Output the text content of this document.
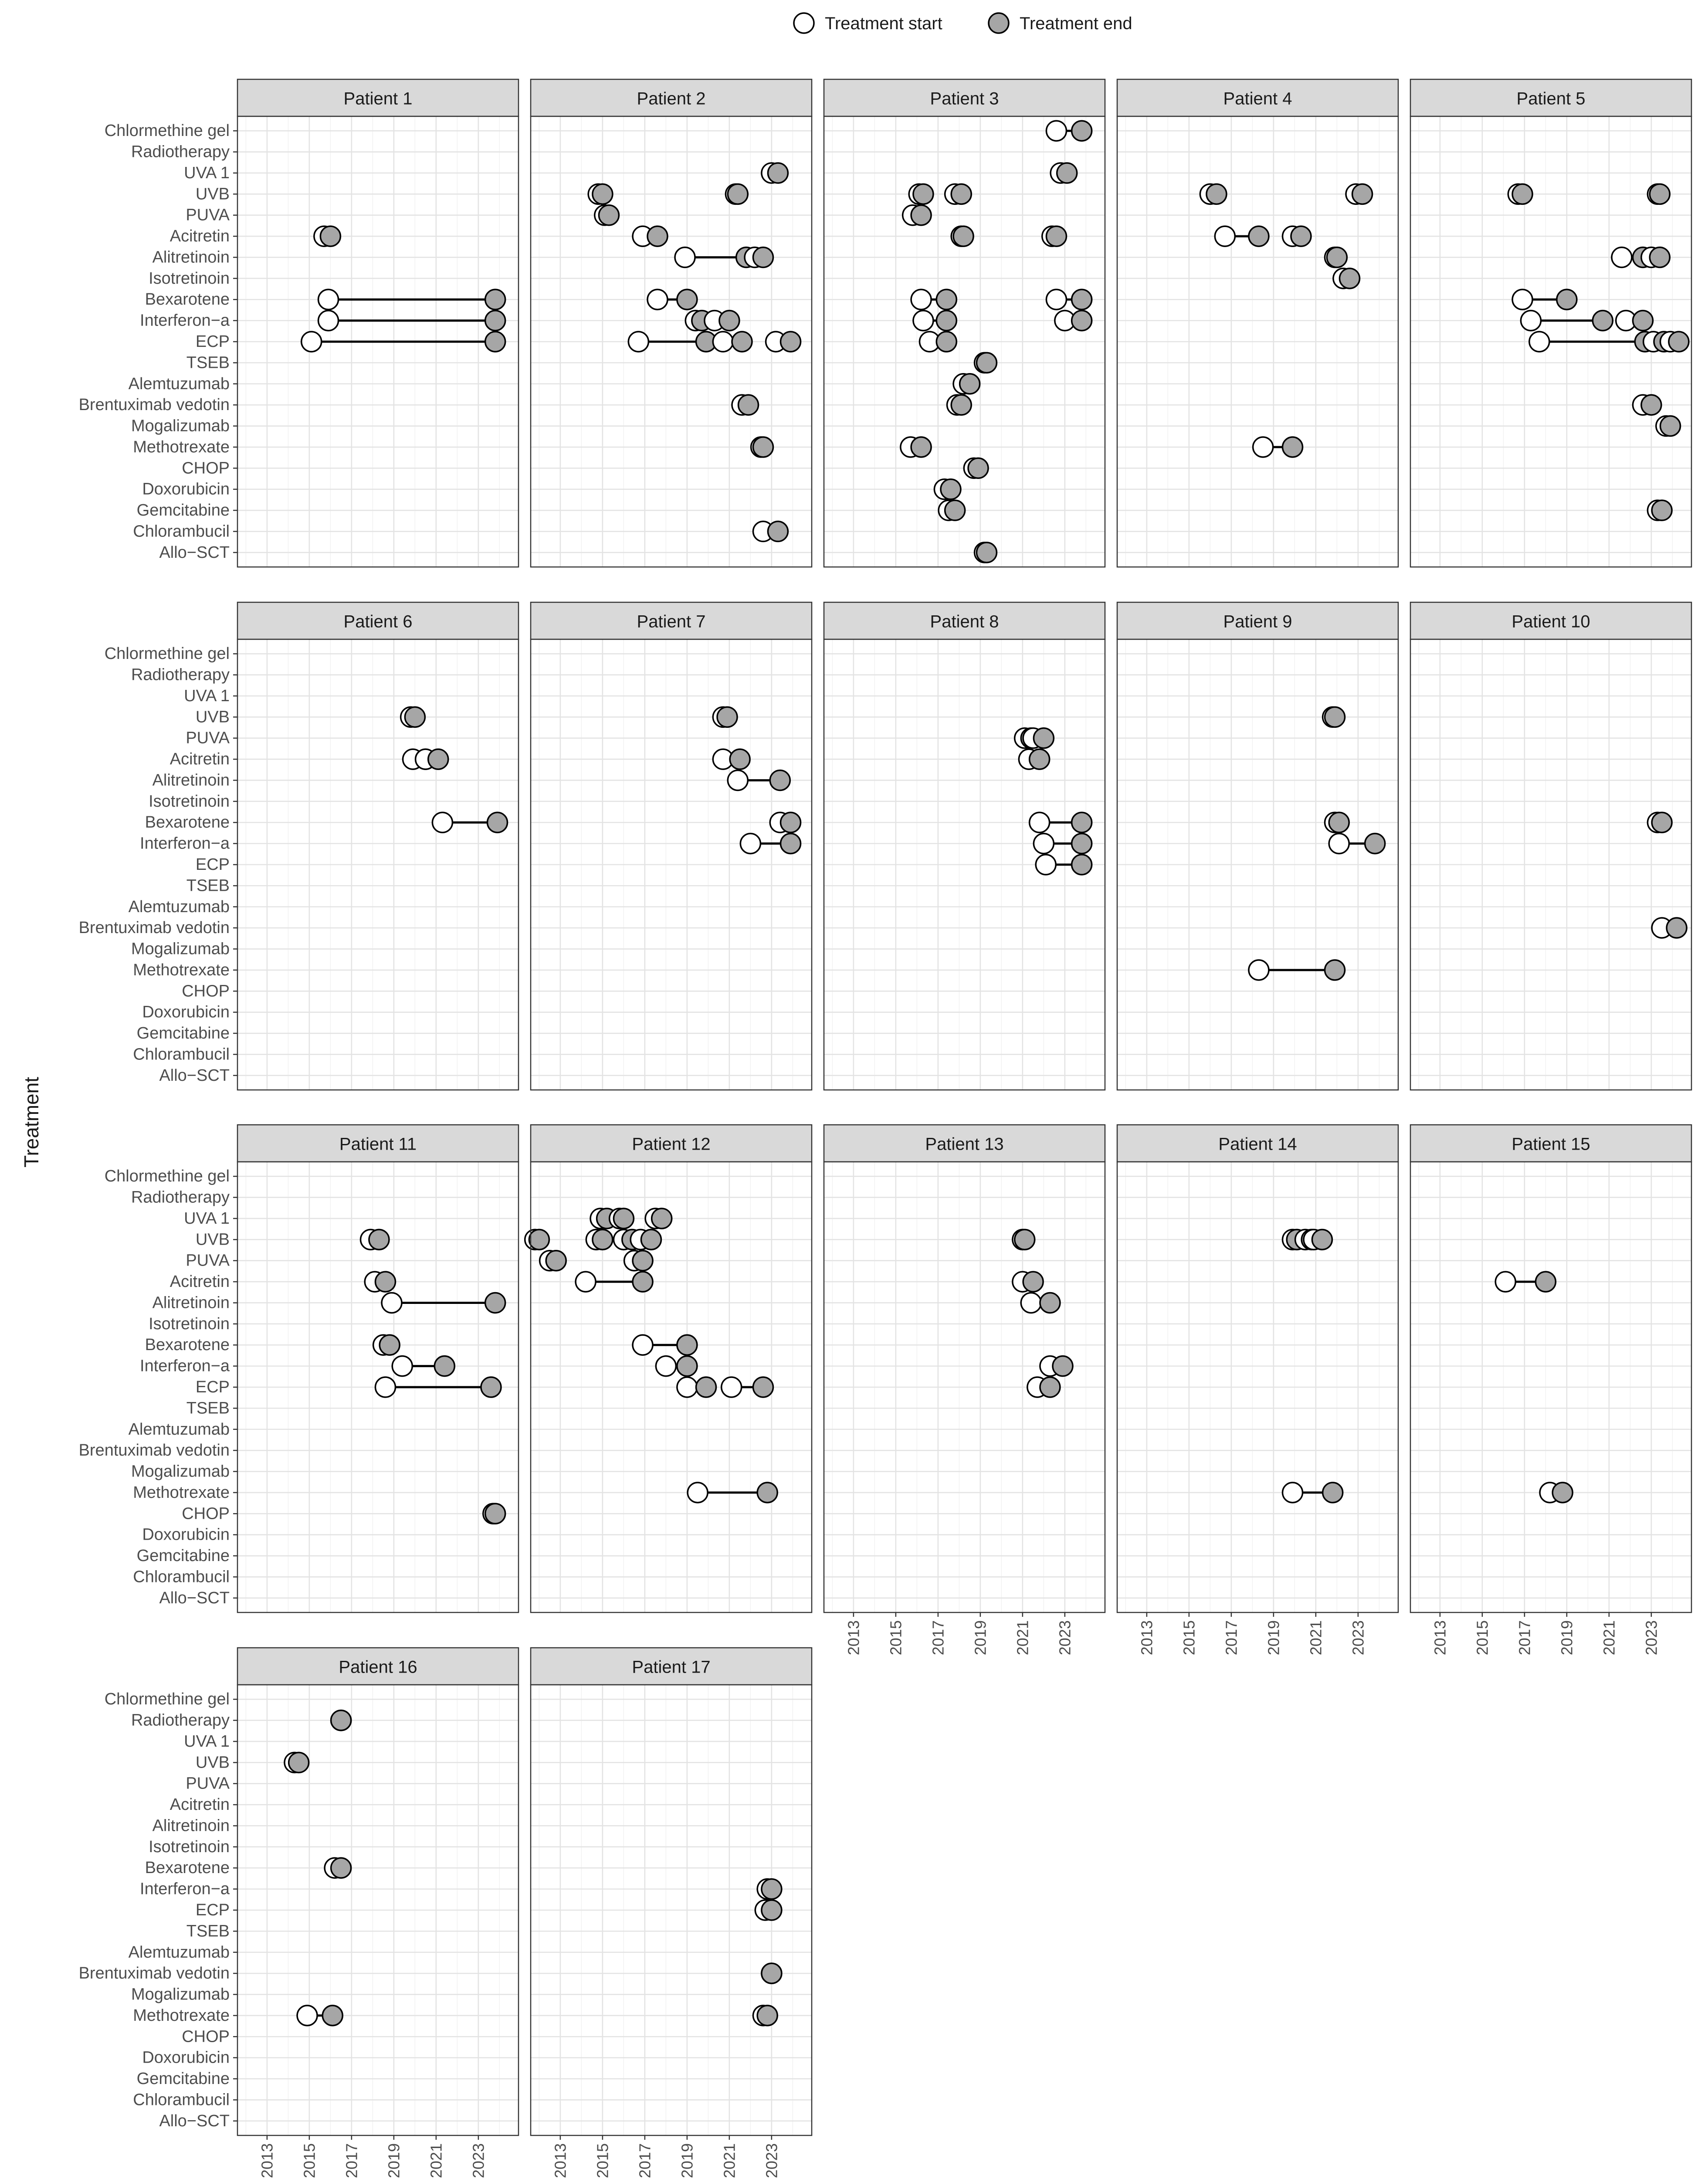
Treatment start	Treatment end
Patient 1
Chlormethine gel
Radiotherapy
UVA 1
UVB
PUVA
Acitretin
Alitretinoin
Isotretinoin
Bexarotene
Interferon−a
ECP
TSEB
Alemtuzumab
Brentuximab vedotin
Mogalizumab
Methotrexate
CHOP
Doxorubicin
Gemcitabine
Chlorambucil
Allo−SCT
Patient 2	Patient 3	Patient 4	Patient 5
Patient 6
Chlormethine gel
Radiotherapy
UVA 1
UVB
PUVA
Acitretin
Alitretinoin
Isotretinoin
Bexarotene
Interferon−a
ECP
TSEB
Alemtuzumab
Brentuximab vedotin
Mogalizumab
Methotrexate
CHOP
Doxorubicin
Gemcitabine
Chlorambucil
Allo−SCT
Patient 7	Patient 8	Patient 9	Patient 10
Patient 11
Chlormethine gel
Radiotherapy
UVA 1
UVB
PUVA
Acitretin
Alitretinoin
Isotretinoin
Bexarotene
Interferon−a
ECP
TSEB
Alemtuzumab
Brentuximab vedotin
Mogalizumab
Methotrexate
CHOP
Doxorubicin
Gemcitabine
Chlorambucil
Allo−SCT
Patient 12	Patient 13
2013 2015 2017 2019 2021 2023
Patient 14
2013 2015 2017 2019 2021 2023
Patient 15
2013 2015 2017 2019 2021 2023
Patient 16
Chlormethine gel
Radiotherapy
UVA 1
UVB
PUVA
Acitretin
Alitretinoin
Isotretinoin
Bexarotene
Interferon−a
ECP
TSEB
Alemtuzumab
Brentuximab vedotin
Mogalizumab
Methotrexate
CHOP
Doxorubicin
Gemcitabine
Chlorambucil
Allo−SCT
2013 2015 2017 2019 2021 2023
Patient 17
2013 2015 2017 2019 2021 2023
Treatment
